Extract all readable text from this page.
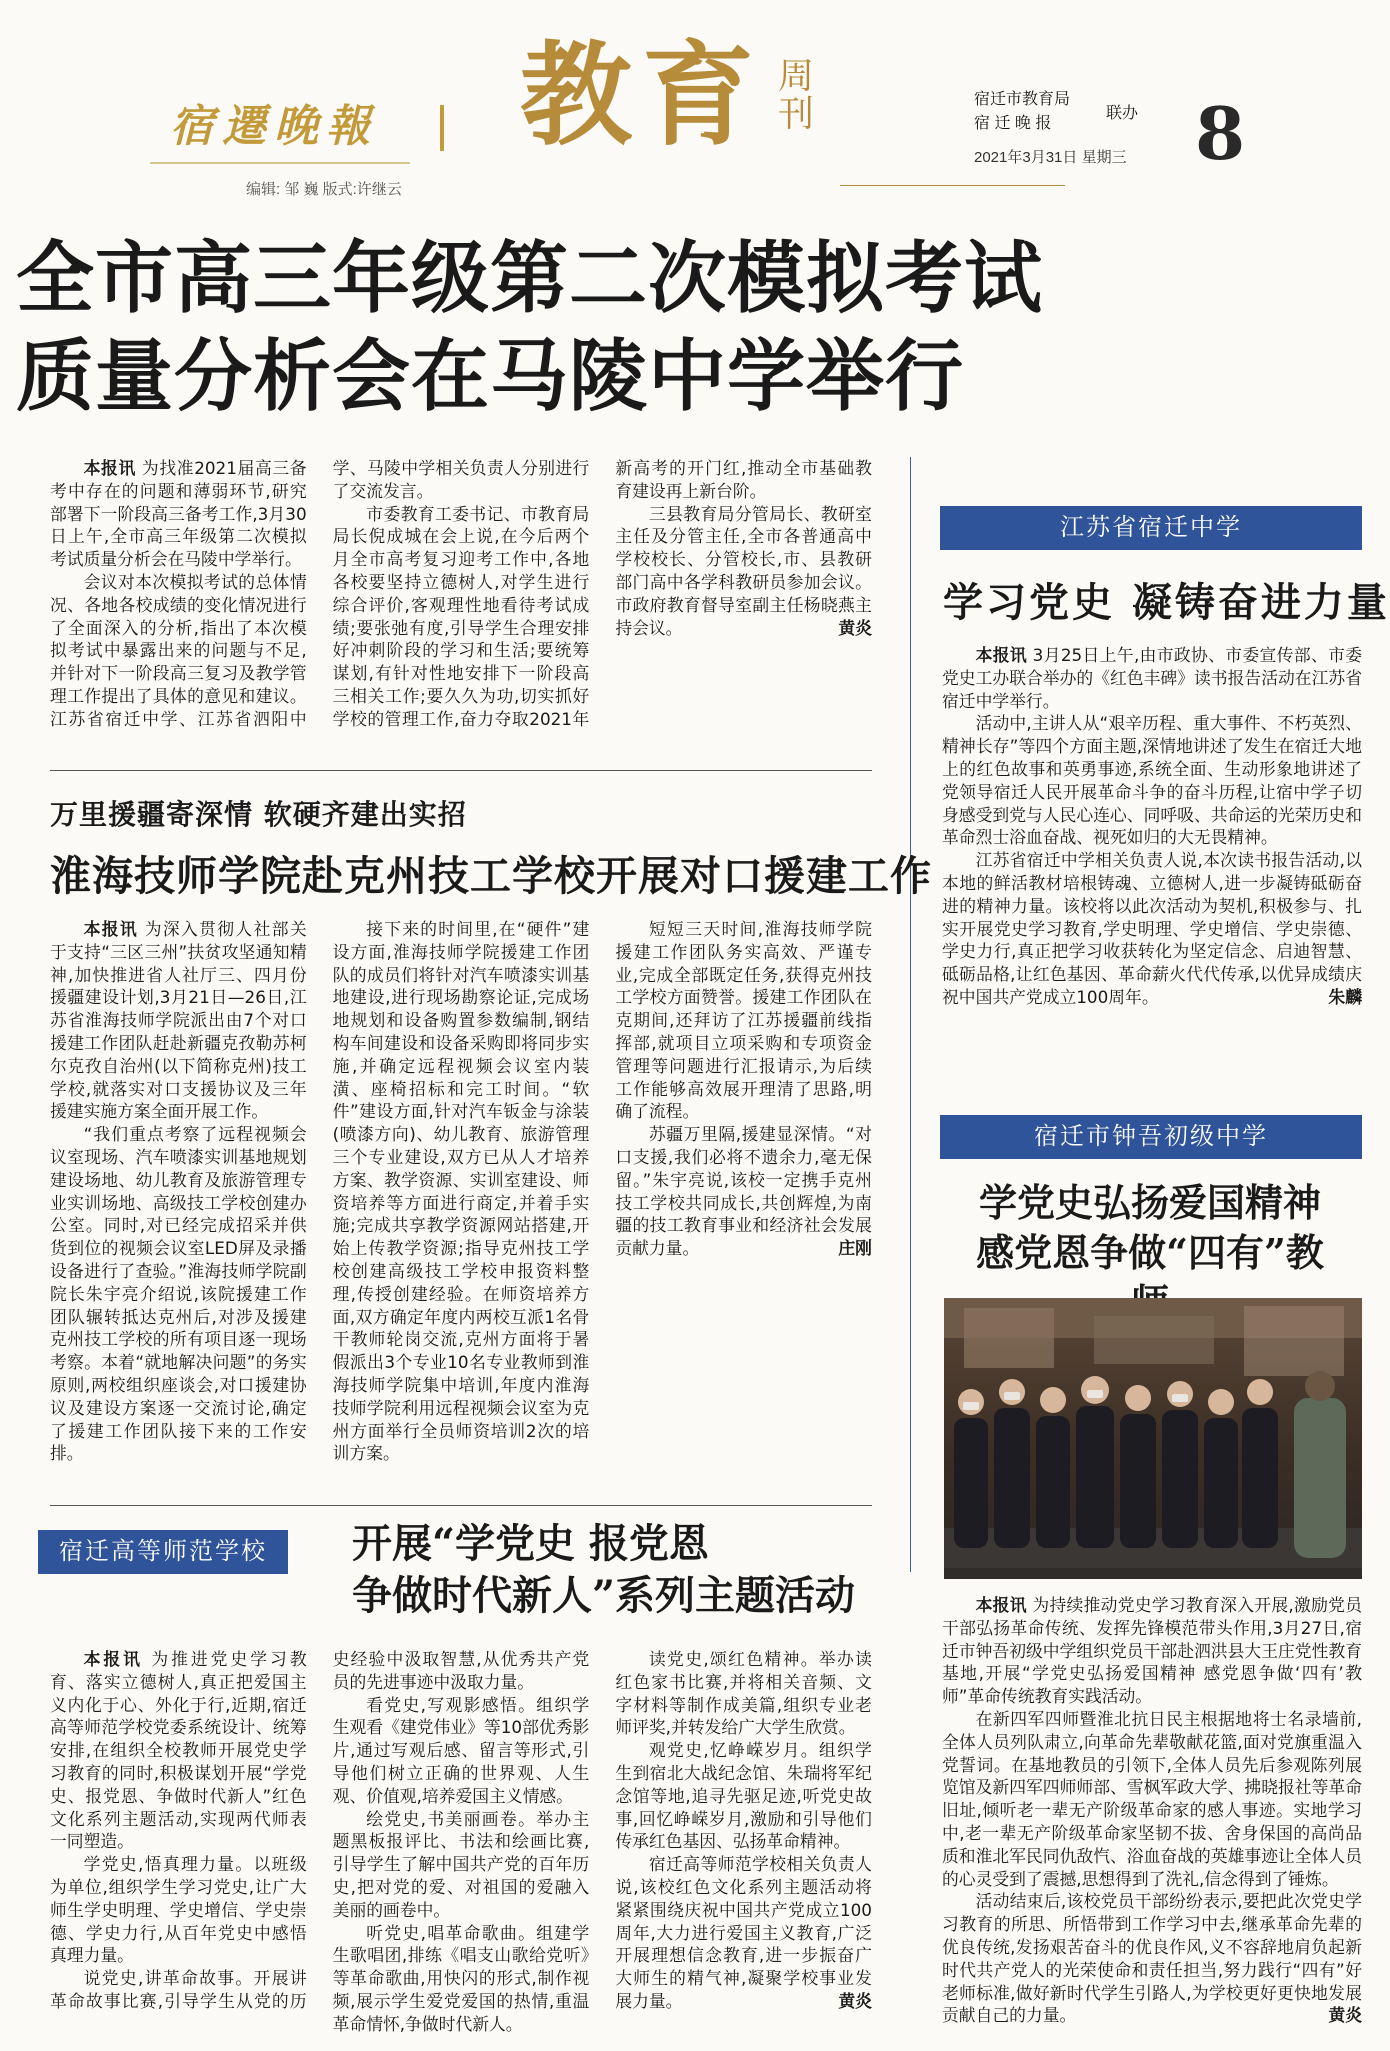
宿遷晚報 教育 周
刊	宿迁市教育局
宿 迁 晚 报
联办
2021年3月31日 星期三 8
编辑: 邹 巍 版式:许继云
全市高三年级第二次模拟考试
质量分析会在马陵中学举行

本报讯 为找准2021届高三备考中存在的问题和薄弱环节,研究部署下一阶段高三备考工作,3月30日上午,全市高三年级第二次模拟考试质量分析会在马陵中学举行。

会议对本次模拟考试的总体情况、各地各校成绩的变化情况进行了全面深入的分析,指出了本次模拟考试中暴露出来的问题与不足,并针对下一阶段高三复习及教学管理工作提出了具体的意见和建议。江苏省宿迁中学、江苏省泗阳中学、马陵中学相关负责人分别进行了交流发言。

市委教育工委书记、市教育局局长倪成城在会上说,在今后两个月全市高考复习迎考工作中,各地各校要坚持立德树人,对学生进行综合评价,客观理性地看待考试成绩;要张弛有度,引导学生合理安排好冲刺阶段的学习和生活;要统筹谋划,有针对性地安排下一阶段高三相关工作;要久久为功,切实抓好学校的管理工作,奋力夺取2021年新高考的开门红,推动全市基础教育建设再上新台阶。

三县教育局分管局长、教研室主任及分管主任,全市各普通高中学校校长、分管校长,市、县教研部门高中各学科教研员参加会议。市政府教育督导室副主任杨晓燕主持会议。	黄炎

万里援疆寄深情 软硬齐建出实招
淮海技师学院赴克州技工学校开展对口援建工作

本报讯 为深入贯彻人社部关于支持“三区三州”扶贫攻坚通知精神,加快推进省人社厅三、四月份援疆建设计划,3月21日—26日,江苏省淮海技师学院派出由7个对口援建工作团队赶赴新疆克孜勒苏柯尔克孜自治州(以下简称克州)技工学校,就落实对口支援协议及三年援建实施方案全面开展工作。

“我们重点考察了远程视频会议室现场、汽车喷漆实训基地规划建设场地、幼儿教育及旅游管理专业实训场地、高级技工学校创建办公室。同时,对已经完成招采并供货到位的视频会议室LED屏及录播设备进行了查验。”淮海技师学院副院长朱宇亮介绍说,该院援建工作团队辗转抵达克州后,对涉及援建克州技工学校的所有项目逐一现场考察。本着“就地解决问题”的务实原则,两校组织座谈会,对口援建协议及建设方案逐一交流讨论,确定了援建工作团队接下来的工作安排。

接下来的时间里,在“硬件”建设方面,淮海技师学院援建工作团队的成员们将针对汽车喷漆实训基地建设,进行现场勘察论证,完成场地规划和设备购置参数编制,钢结构车间建设和设备采购即将同步实施,并确定远程视频会议室内装潢、座椅招标和完工时间。“软件”建设方面,针对汽车钣金与涂装(喷漆方向)、幼儿教育、旅游管理三个专业建设,双方已从人才培养方案、教学资源、实训室建设、师资培养等方面进行商定,并着手实施;完成共享教学资源网站搭建,开始上传教学资源;指导克州技工学校创建高级技工学校申报资料整理,传授创建经验。在师资培养方面,双方确定年度内两校互派1名骨干教师轮岗交流,克州方面将于暑假派出3个专业10名专业教师到淮海技师学院集中培训,年度内淮海技师学院利用远程视频会议室为克州方面举行全员师资培训2次的培训方案。

短短三天时间,淮海技师学院援建工作团队务实高效、严谨专业,完成全部既定任务,获得克州技工学校方面赞誉。援建工作团队在克期间,还拜访了江苏援疆前线指挥部,就项目立项采购和专项资金管理等问题进行汇报请示,为后续工作能够高效展开理清了思路,明确了流程。

苏疆万里隔,援建显深情。“对口支援,我们必将不遗余力,毫无保留。”朱宇亮说,该校一定携手克州技工学校共同成长,共创辉煌,为南疆的技工教育事业和经济社会发展贡献力量。	庄刚

宿迁高等师范学校	开展“学党史 报党恩
争做时代新人”系列主题活动

本报讯 为推进党史学习教育、落实立德树人,真正把爱国主义内化于心、外化于行,近期,宿迁高等师范学校党委系统设计、统筹安排,在组织全校教师开展党史学习教育的同时,积极谋划开展“学党史、报党恩、争做时代新人”红色文化系列主题活动,实现两代师表一同塑造。

学党史,悟真理力量。以班级为单位,组织学生学习党史,让广大师生学史明理、学史增信、学史崇德、学史力行,从百年党史中感悟真理力量。

说党史,讲革命故事。开展讲革命故事比赛,引导学生从党的历史经验中汲取智慧,从优秀共产党员的先进事迹中汲取力量。

看党史,写观影感悟。组织学生观看《建党伟业》等10部优秀影片,通过写观后感、留言等形式,引导他们树立正确的世界观、人生观、价值观,培养爱国主义情感。

绘党史,书美丽画卷。举办主题黑板报评比、书法和绘画比赛,引导学生了解中国共产党的百年历史,把对党的爱、对祖国的爱融入美丽的画卷中。

听党史,唱革命歌曲。组建学生歌唱团,排练《唱支山歌给党听》等革命歌曲,用快闪的形式,制作视频,展示学生爱党爱国的热情,重温革命情怀,争做时代新人。

读党史,颂红色精神。举办读红色家书比赛,并将相关音频、文字材料等制作成美篇,组织专业老师评奖,并转发给广大学生欣赏。

观党史,忆峥嵘岁月。组织学生到宿北大战纪念馆、朱瑞将军纪念馆等地,追寻先驱足迹,听党史故事,回忆峥嵘岁月,激励和引导他们传承红色基因、弘扬革命精神。

宿迁高等师范学校相关负责人说,该校红色文化系列主题活动将紧紧围绕庆祝中国共产党成立100周年,大力进行爱国主义教育,广泛开展理想信念教育,进一步振奋广大师生的精气神,凝聚学校事业发展力量。	黄炎

江苏省宿迁中学
学习党史 凝铸奋进力量

本报讯 3月25日上午,由市政协、市委宣传部、市委党史工办联合举办的《红色丰碑》读书报告活动在江苏省宿迁中学举行。

活动中,主讲人从“艰辛历程、重大事件、不朽英烈、精神长存”等四个方面主题,深情地讲述了发生在宿迁大地上的红色故事和英勇事迹,系统全面、生动形象地讲述了党领导宿迁人民开展革命斗争的奋斗历程,让宿中学子切身感受到党与人民心连心、同呼吸、共命运的光荣历史和革命烈士浴血奋战、视死如归的大无畏精神。

江苏省宿迁中学相关负责人说,本次读书报告活动,以本地的鲜活教材培根铸魂、立德树人,进一步凝铸砥砺奋进的精神力量。该校将以此次活动为契机,积极参与、扎实开展党史学习教育,学史明理、学史增信、学史崇德、学史力行,真正把学习收获转化为坚定信念、启迪智慧、砥砺品格,让红色基因、革命薪火代代传承,以优异成绩庆祝中国共产党成立100周年。	朱麟

宿迁市钟吾初级中学
学党史弘扬爱国精神
感党恩争做“四有”教

本报讯 为持续推动党史学习教育深入开展,激励党员干部弘扬革命传统、发挥先锋模范带头作用,3月27日,宿迁市钟吾初级中学组织党员干部赴泗洪县大王庄党性教育基地,开展“学党史弘扬爱国精神 感党恩争做‘四有’教师”革命传统教育实践活动。

在新四军四师暨淮北抗日民主根据地将士名录墙前,全体人员列队肃立,向革命先辈敬献花篮,面对党旗重温入党誓词。在基地教员的引领下,全体人员先后参观陈列展览馆及新四军四师师部、雪枫军政大学、拂晓报社等革命旧址,倾听老一辈无产阶级革命家的感人事迹。实地学习中,老一辈无产阶级革命家坚韧不拔、舍身保国的高尚品质和淮北军民同仇敌忾、浴血奋战的英雄事迹让全体人员的心灵受到了震撼,思想得到了洗礼,信念得到了锤炼。

活动结束后,该校党员干部纷纷表示,要把此次党史学习教育的所思、所悟带到工作学习中去,继承革命先辈的优良传统,发扬艰苦奋斗的优良作风,义不容辞地肩负起新时代共产党人的光荣使命和责任担当,努力践行“四有”好老师标准,做好新时代学生引路人,为学校更好更快地发展贡献自己的力量。	黄炎
